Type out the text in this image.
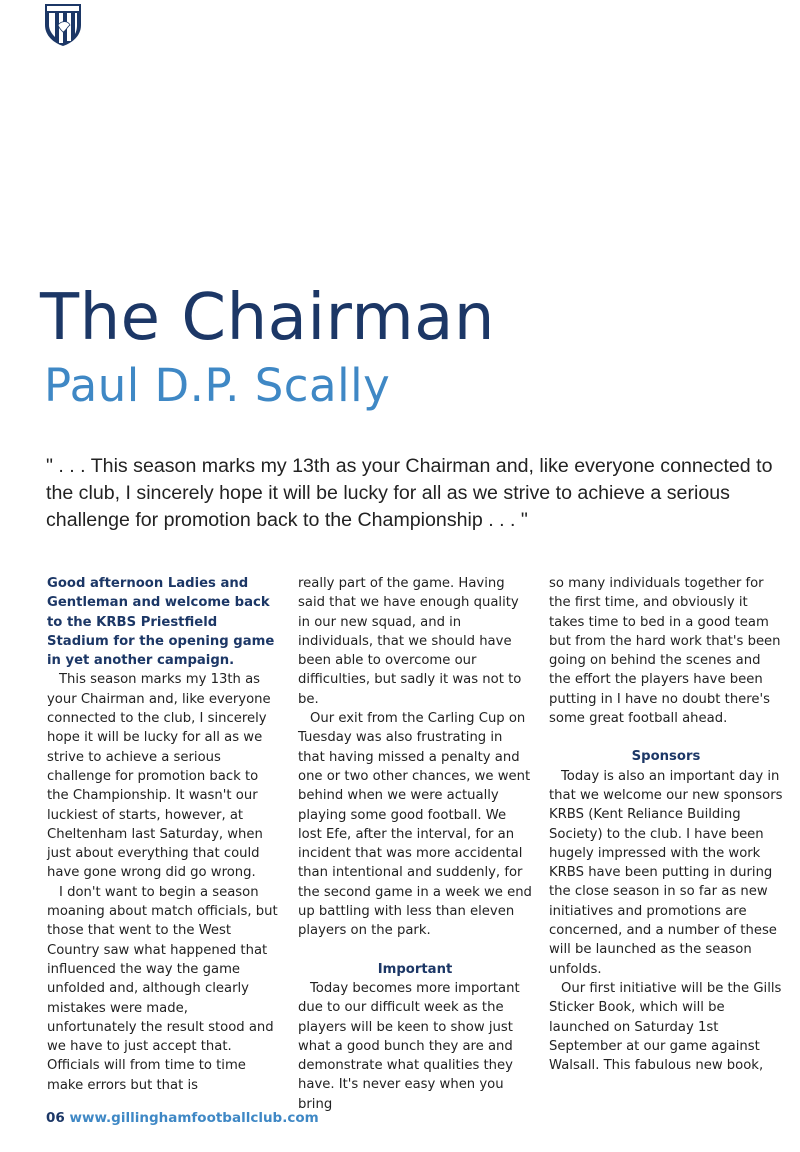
The Chairman
Paul D.P. Scally

" . . . This season marks my 13th as your Chairman and, like everyone connected to the club, I sincerely hope it will be lucky for all as we strive to achieve a serious challenge for promotion back to the Championship . . . "

Good afternoon Ladies and Gentleman and welcome back to the KRBS Priestfield Stadium for the opening game in yet another campaign.

This season marks my 13th as your Chairman and, like everyone connected to the club, I sincerely hope it will be lucky for all as we strive to achieve a serious challenge for promotion back to the Championship. It wasn't our luckiest of starts, however, at Cheltenham last Saturday, when just about everything that could have gone wrong did go wrong.

I don't want to begin a season moaning about match officials, but those that went to the West Country saw what happened that influenced the way the game unfolded and, although clearly mistakes were made, unfortunately the result stood and we have to just accept that. Officials will from time to time make errors but that is

really part of the game. Having said that we have enough quality in our new squad, and in individuals, that we should have been able to overcome our difficulties, but sadly it was not to be.

Our exit from the Carling Cup on Tuesday was also frustrating in that having missed a penalty and one or two other chances, we went behind when we were actually playing some good football. We lost Efe, after the interval, for an incident that was more accidental than intentional and suddenly, for the second game in a week we end up battling with less than eleven players on the park.

Important

Today becomes more important due to our difficult week as the players will be keen to show just what a good bunch they are and demonstrate what qualities they have. It's never easy when you bring

so many individuals together for the first time, and obviously it takes time to bed in a good team but from the hard work that's been going on behind the scenes and the effort the players have been putting in I have no doubt there's some great football ahead.

Sponsors

Today is also an important day in that we welcome our new sponsors KRBS (Kent Reliance Building Society) to the club. I have been hugely impressed with the work KRBS have been putting in during the close season in so far as new initiatives and promotions are concerned, and a number of these will be launched as the season unfolds.

Our first initiative will be the Gills Sticker Book, which will be launched on Saturday 1st September at our game against Walsall. This fabulous new book,

06 www.gillinghamfootballclub.com
